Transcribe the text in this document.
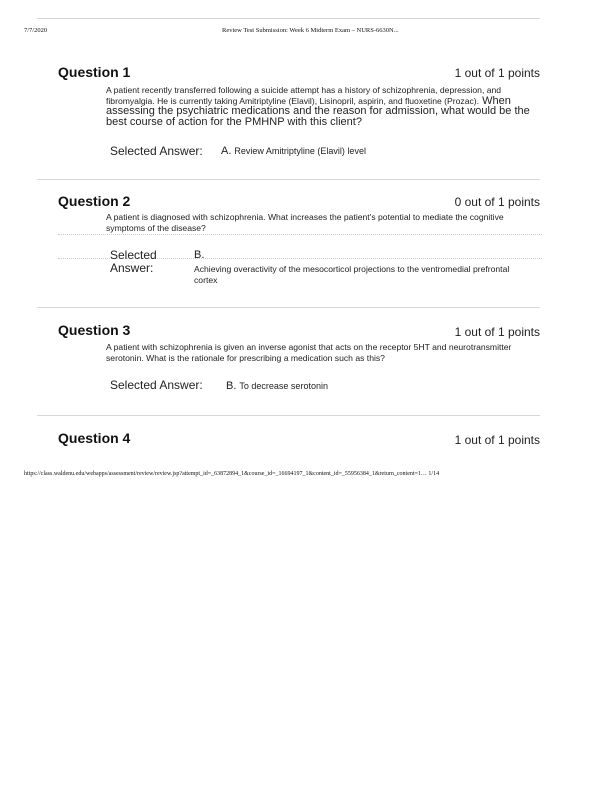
7/7/2020	Review Test Submission: Week 6 Midterm Exam – NURS-6630N...
Question 1	1 out of 1 points
A patient recently transferred following a suicide attempt has a history of schizophrenia, depression, and fibromyalgia. He is currently taking Amitriptyline (Elavil), Lisinopril, aspirin, and fluoxetine (Prozac). When assessing the psychiatric medications and the reason for admission, what would be the best course of action for the PMHNP with this client?
Selected Answer: A. Review Amitriptyline (Elavil) level
Question 2	0 out of 1 points
A patient is diagnosed with schizophrenia. What increases the patient's potential to mediate the cognitive symptoms of the disease?
Selected
Answer:
B.
Achieving overactivity of the mesocorticol projections to the ventromedial prefrontal cortex
Question 3	1 out of 1 points
A patient with schizophrenia is given an inverse agonist that acts on the receptor 5HT and neurotransmitter serotonin. What is the rationale for prescribing a medication such as this?
Selected Answer: B. To decrease serotonin
Question 4	1 out of 1 points
https://class.waldenu.edu/webapps/assessment/review/review.jsp?attempt_id=_63872894_1&course_id=_16694197_1&content_id=_55956384_1&return_content=1… 1/14
